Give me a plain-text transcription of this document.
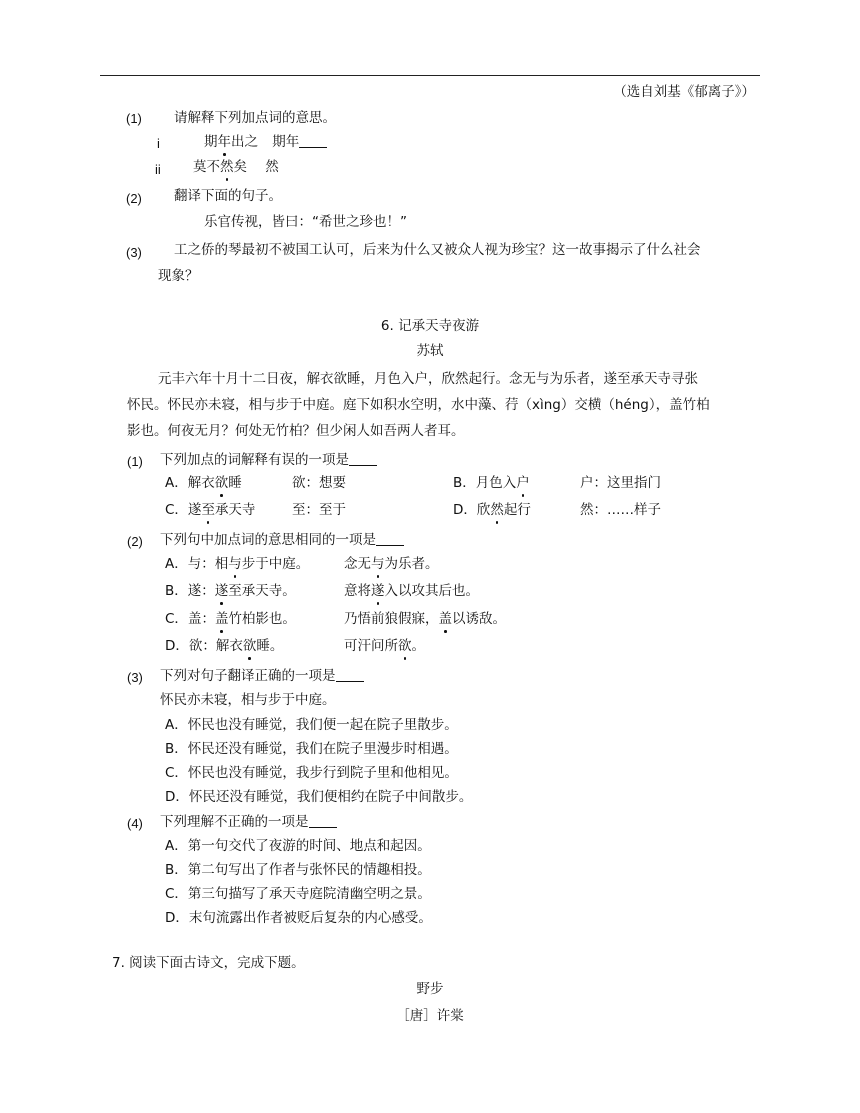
（选自刘基《郁离子》）
(1) 请解释下列加点词的意思。
i	期年出之 期年
ii 莫不然矣 然
(2) 翻译下面的句子。
乐官传视，皆曰：“希世之珍也！”
(3) 工之侨的琴最初不被国工认可，后来为什么又被众人视为珍宝？这一故事揭示了什么社会
现象？
6. 记承天寺夜游
苏轼
元丰六年十月十二日夜，解衣欲睡，月色入户，欣然起行。念无与为乐者，遂至承天寺寻张
怀民。怀民亦未寝，相与步于中庭。庭下如积水空明，水中藻、荇（xìng）交横（héng），盖竹柏
影也。何夜无月？何处无竹柏？但少闲人如吾两人者耳。
(1) 下列加点的词解释有误的一项是
A．解衣欲睡	欲：想要	B．月色入户	户：这里指门
C．遂至承天寺	至：至于	D．欣然起行	然：……样子
(2) 下列句中加点词的意思相同的一项是
A．与：相与步于中庭。	念无与为乐者。
B．遂：遂至承天寺。	意将遂入以攻其后也。
C．盖：盖竹柏影也。	乃悟前狼假寐，盖以诱敌。
D．欲：解衣欲睡。	可汗问所欲。
(3) 下列对句子翻译正确的一项是
怀民亦未寝，相与步于中庭。
A．怀民也没有睡觉，我们便一起在院子里散步。
B．怀民还没有睡觉，我们在院子里漫步时相遇。
C．怀民也没有睡觉，我步行到院子里和他相见。
D．怀民还没有睡觉，我们便相约在院子中间散步。
(4) 下列理解不正确的一项是
A．第一句交代了夜游的时间、地点和起因。
B．第二句写出了作者与张怀民的情趣相投。
C．第三句描写了承天寺庭院清幽空明之景。
D．末句流露出作者被贬后复杂的内心感受。
7. 阅读下面古诗文，完成下题。
野步
［唐］许棠
